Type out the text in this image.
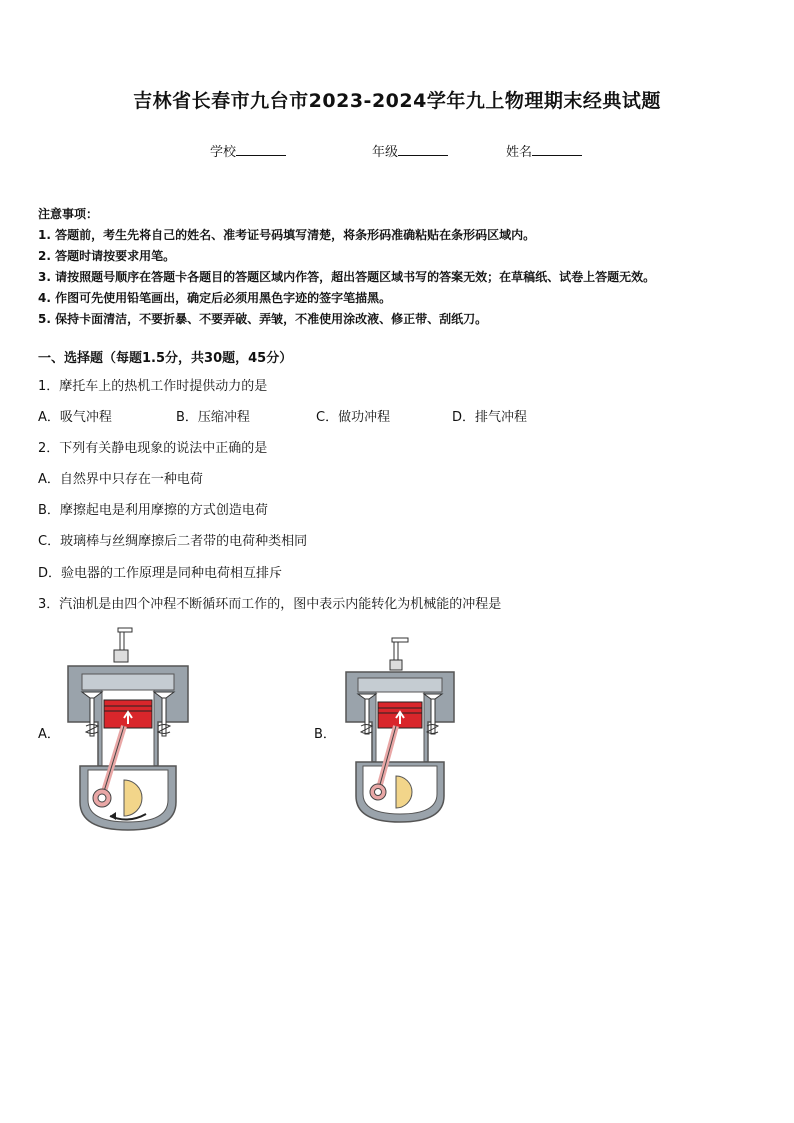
吉林省长春市九台市2023-2024学年九上物理期末经典试题
学校	年级	姓名
注意事项：
1. 答题前，考生先将自己的姓名、准考证号码填写清楚，将条形码准确粘贴在条形码区域内。
2. 答题时请按要求用笔。
3. 请按照题号顺序在答题卡各题目的答题区域内作答，超出答题区域书写的答案无效；在草稿纸、试卷上答题无效。
4. 作图可先使用铅笔画出，确定后必须用黑色字迹的签字笔描黑。
5. 保持卡面清洁，不要折暴、不要弄破、弄皱，不准使用涂改液、修正带、刮纸刀。
一、选择题（每题1.5分，共30题，45分）
1．摩托车上的热机工作时提供动力的是
A．吸气冲程	B．压缩冲程	C．做功冲程	D．排气冲程
2．下列有关静电现象的说法中正确的是
A．自然界中只存在一种电荷
B．摩擦起电是利用摩擦的方式创造电荷
C．玻璃棒与丝绸摩擦后二者带的电荷种类相同
D．验电器的工作原理是同种电荷相互排斥
3．汽油机是由四个冲程不断循环而工作的，图中表示内能转化为机械能的冲程是
A．	B．
